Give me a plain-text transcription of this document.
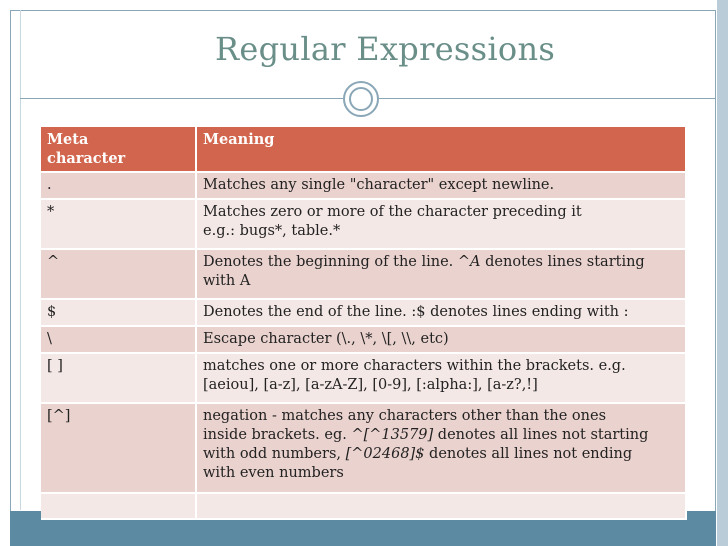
Regular Expressions
Meta
character	Meaning
.	Matches any single "character" except newline.
*	Matches zero or more of the character preceding it
e.g.: bugs*, table.*
^	Denotes the beginning of the line. ^A denotes lines starting
with A
$	Denotes the end of the line. :$ denotes lines ending with :
\	Escape character (\., \*, \[, \\, etc)
[ ]	matches one or more characters within the brackets. e.g.
[aeiou], [a-z], [a-zA-Z], [0-9], [:alpha:], [a-z?,!]
[^]	negation - matches any characters other than the ones
inside brackets. eg. ^[^13579] denotes all lines not starting
with odd numbers, [^02468]$ denotes all lines not ending
with even numbers
